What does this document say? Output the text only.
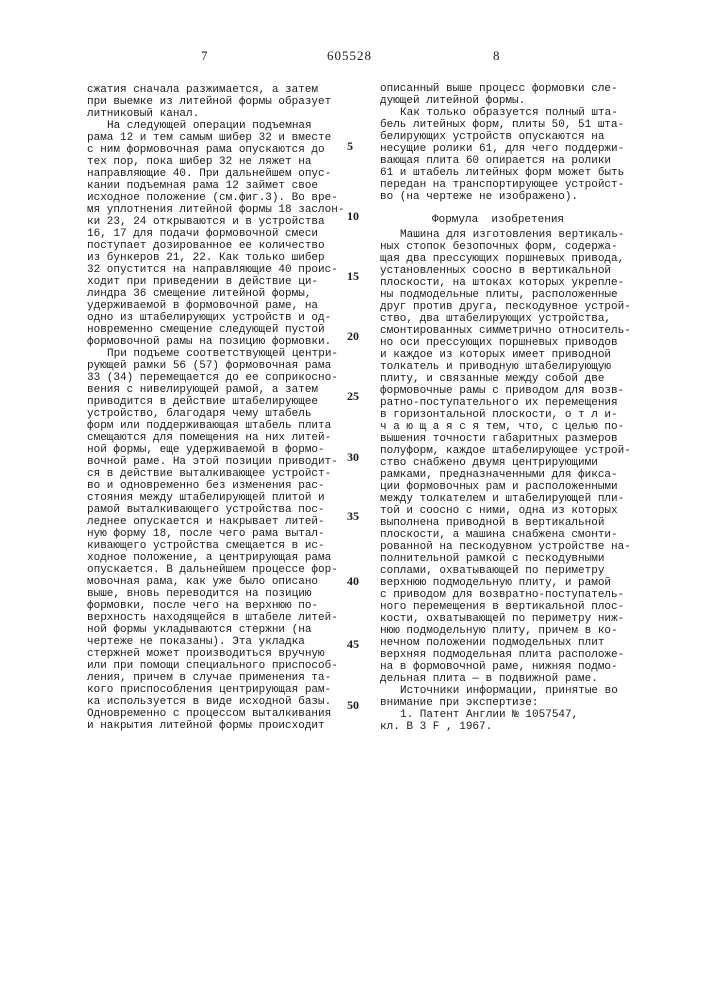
7	605528	8
сжатия сначала разжимается, а затем
при выемке из литейной формы образует
литниковый канал.
На следующей операции подъемная
рама 12 и тем самым шибер 32 и вместе
с ним формовочная рама опускаются до
тех пор, пока шибер 32 не ляжет на
направляющие 40. При дальнейшем опус-
кании подъемная рама 12 займет свое
исходное положение (см.фиг.3). Во вре-
мя уплотнения литейной формы 18 заслон-
ки 23, 24 открываются и в устройства
16, 17 для подачи формовочной смеси
поступает дозированное ее количество
из бункеров 21, 22. Как только шибер
32 опустится на направляющие 40 проис-
ходит при приведении в действие ци-
линдра 36 смещение литейной формы,
удерживаемой в формовочной раме, на
одно из штабелирующих устройств и од-
новременно смещение следующей пустой
формовочной рамы на позицию формовки.
При подъеме соответствующей центри-
рующей рамки 56 (57) формовочная рама
33 (34) перемещается до ее соприкосно-
вения с нивелирующей рамой, а затем
приводится в действие штабелирующее
устройство, благодаря чему штабель
форм или поддерживающая штабель плита
смещаются для помещения на них литей-
ной формы, еще удерживаемой в формо-
вочной раме. На этой позиции приводит-
ся в действие выталкивающее устройст-
во и одновременно без изменения рас-
стояния между штабелирующей плитой и
рамой выталкивающего устройства пос-
леднее опускается и накрывает литей-
ную форму 18, после чего рама вытал-
кивающего устройства смещается в ис-
ходное положение, а центрирующая рама
опускается. В дальнейшем процессе фор-
мовочная рама, как уже было описано
выше, вновь переводится на позицию
формовки, после чего на верхнюю по-
верхность находящейся в штабеле литей-
ной формы укладываются стержни (на
чертеже не показаны). Эта укладка
стержней может производиться вручную
или при помощи специального приспособ-
ления, причем в случае применения та-
кого приспособления центрирующая рам-
ка используется в виде исходной базы.
Одновременно с процессом выталкивания
и накрытия литейной формы происходит
5
10
15
20
25
30
35
40
45
50
описанный выше процесс формовки сле-
дующей литейной формы.
Как только образуется полный шта-
бель литейных форм, плиты 50, 51 шта-
белирующих устройств опускаются на
несущие ролики 61, для чего поддержи-
вающая плита 60 опирается на ролики
61 и штабель литейных форм может быть
передан на транспортирующее устройст-
во (на чертеже не изображено).
Формула  изобретения
Машина для изготовления вертикаль-
ных стопок безопочных форм, содержа-
щая два прессующих поршневых привода,
установленных соосно в вертикальной
плоскости, на штоках которых укрепле-
ны подмодельные плиты, расположенные
друг против друга, пескодувное устрой-
ство, два штабелирующих устройства,
смонтированных симметрично относитель-
но оси прессующих поршневых приводов
и каждое из которых имеет приводной
толкатель и приводную штабелирующую
плиту, и связанные между собой две
формовочные рамы с приводом для возв-
ратно-поступательного их перемещения
в горизонтальной плоскости, о т л и-
ч а ю щ а я с я тем, что, с целью по-
вышения точности габаритных размеров
полуформ, каждое штабелирующее устрой-
ство снабжено двумя центрирующими
рамками, предназначенными для фикса-
ции формовочных рам и расположенными
между толкателем и штабелирующей пли-
той и соосно с ними, одна из которых
выполнена приводной в вертикальной
плоскости, а машина снабжена смонти-
рованной на пескодувном устройстве на-
полнительной рамкой с пескодувными
соплами, охватывающей по периметру
верхнюю подмодельную плиту, и рамой
с приводом для возвратно-поступатель-
ного перемещения в вертикальной плос-
кости, охватывающей по периметру ниж-
нюю подмодельную плиту, причем в ко-
нечном положении подмодельных плит
верхняя подмодельная плита расположе-
на в формовочной раме, нижняя подмо-
дельная плита — в подвижной раме.
Источники информации, принятые во
внимание при экспертизе:
1. Патент Англии № 1057547,
кл. В 3 F , 1967.
